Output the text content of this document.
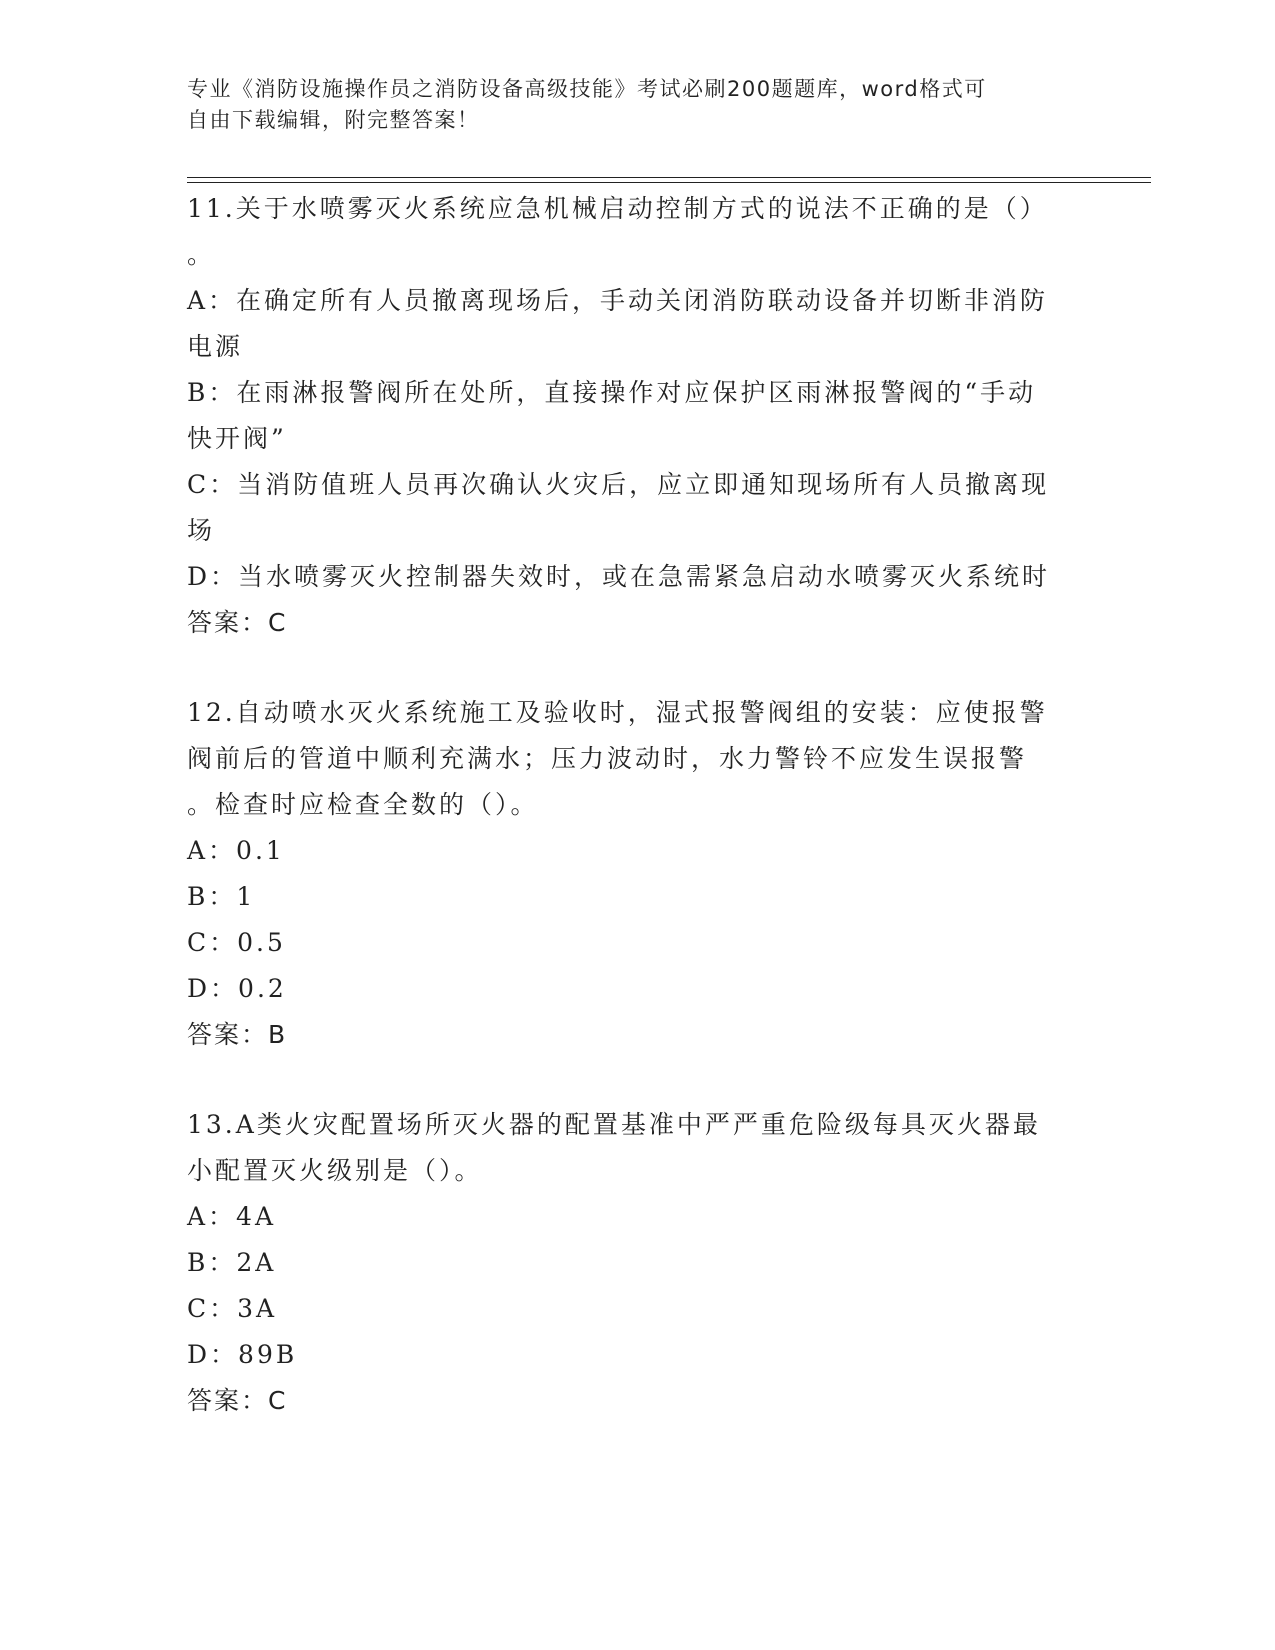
专业《消防设施操作员之消防设备高级技能》考试必刷200题题库，word格式可
自由下载编辑，附完整答案！
11.关于水喷雾灭火系统应急机械启动控制方式的说法不正确的是（）
。
A：在确定所有人员撤离现场后，手动关闭消防联动设备并切断非消防
电源
B：在雨淋报警阀所在处所，直接操作对应保护区雨淋报警阀的“手动
快开阀”
C：当消防值班人员再次确认火灾后，应立即通知现场所有人员撤离现
场
D：当水喷雾灭火控制器失效时，或在急需紧急启动水喷雾灭火系统时
答案：C
12.自动喷水灭火系统施工及验收时，湿式报警阀组的安装：应使报警
阀前后的管道中顺利充满水；压力波动时，水力警铃不应发生误报警
。检查时应检查全数的（）。
A：0.1
B：1
C：0.5
D：0.2
答案：B
13.A类火灾配置场所灭火器的配置基准中严严重危险级每具灭火器最
小配置灭火级别是（）。
A：4A
B：2A
C：3A
D：89B
答案：C
